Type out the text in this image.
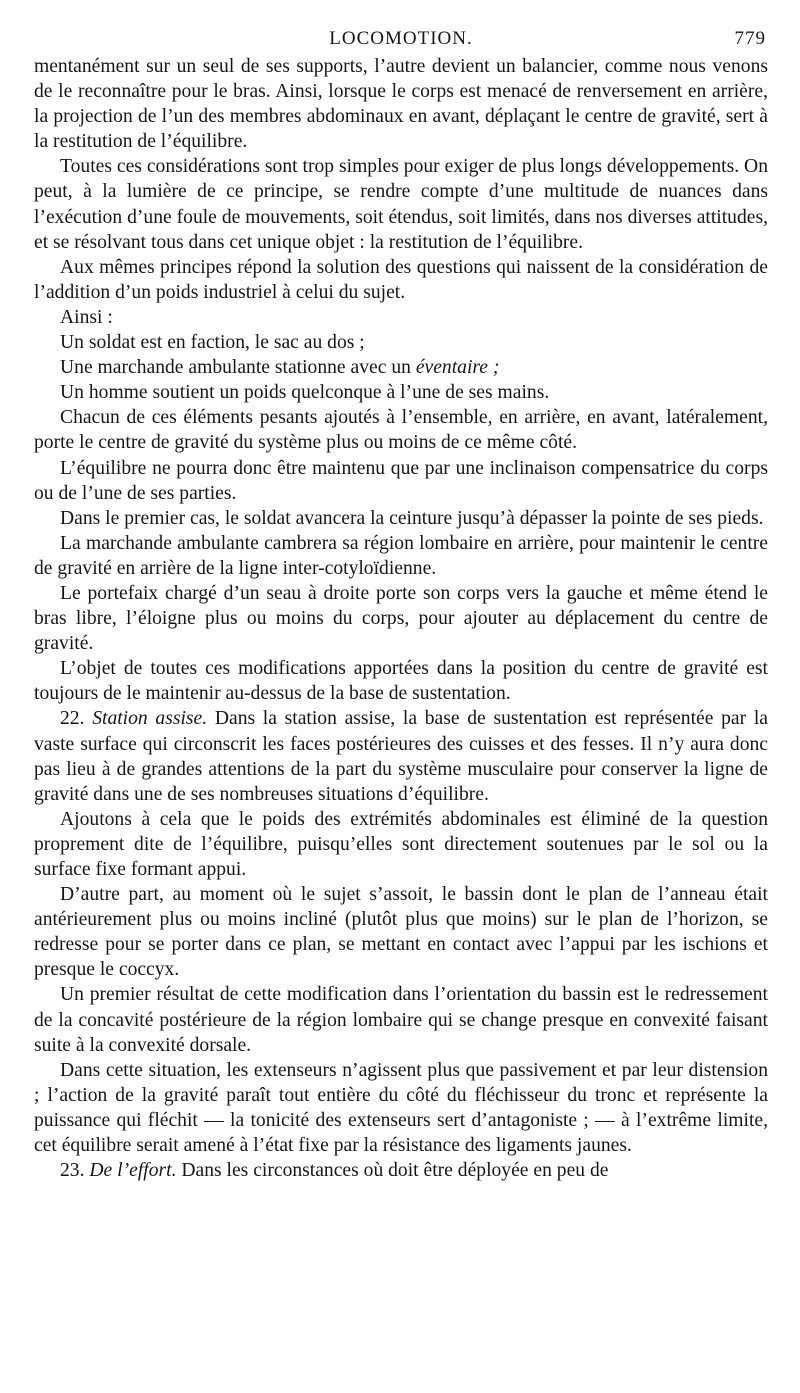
LOCOMOTION.	779

mentanément sur un seul de ses supports, l’autre devient un balancier, comme nous venons de le reconnaître pour le bras. Ainsi, lorsque le corps est menacé de renversement en arrière, la projection de l’un des membres abdominaux en avant, déplaçant le centre de gravité, sert à la restitution de l’équilibre.

Toutes ces considérations sont trop simples pour exiger de plus longs développements. On peut, à la lumière de ce principe, se rendre compte d’une multitude de nuances dans l’exécution d’une foule de mouvements, soit étendus, soit limités, dans nos diverses attitudes, et se résolvant tous dans cet unique objet : la restitution de l’équilibre.

Aux mêmes principes répond la solution des questions qui naissent de la considération de l’addition d’un poids industriel à celui du sujet.

Ainsi :

Un soldat est en faction, le sac au dos ;

Une marchande ambulante stationne avec un éventaire ;

Un homme soutient un poids quelconque à l’une de ses mains.

Chacun de ces éléments pesants ajoutés à l’ensemble, en arrière, en avant, latéralement, porte le centre de gravité du système plus ou moins de ce même côté.

L’équilibre ne pourra donc être maintenu que par une inclinaison compensatrice du corps ou de l’une de ses parties.

Dans le premier cas, le soldat avancera la ceinture jusqu’à dépasser la pointe de ses pieds.

La marchande ambulante cambrera sa région lombaire en arrière, pour maintenir le centre de gravité en arrière de la ligne inter-cotyloïdienne.

Le portefaix chargé d’un seau à droite porte son corps vers la gauche et même étend le bras libre, l’éloigne plus ou moins du corps, pour ajouter au déplacement du centre de gravité.

L’objet de toutes ces modifications apportées dans la position du centre de gravité est toujours de le maintenir au-dessus de la base de sustentation.

22. Station assise. Dans la station assise, la base de sustentation est représentée par la vaste surface qui circonscrit les faces postérieures des cuisses et des fesses. Il n’y aura donc pas lieu à de grandes attentions de la part du système musculaire pour conserver la ligne de gravité dans une de ses nombreuses situations d’équilibre.

Ajoutons à cela que le poids des extrémités abdominales est éliminé de la question proprement dite de l’équilibre, puisqu’elles sont directement soutenues par le sol ou la surface fixe formant appui.

D’autre part, au moment où le sujet s’assoit, le bassin dont le plan de l’anneau était antérieurement plus ou moins incliné (plutôt plus que moins) sur le plan de l’horizon, se redresse pour se porter dans ce plan, se mettant en contact avec l’appui par les ischions et presque le coccyx.

Un premier résultat de cette modification dans l’orientation du bassin est le redressement de la concavité postérieure de la région lombaire qui se change presque en convexité faisant suite à la convexité dorsale.

Dans cette situation, les extenseurs n’agissent plus que passivement et par leur distension ; l’action de la gravité paraît tout entière du côté du fléchisseur du tronc et représente la puissance qui fléchit — la tonicité des extenseurs sert d’antagoniste ; — à l’extrême limite, cet équilibre serait amené à l’état fixe par la résistance des ligaments jaunes.

23. De l’effort. Dans les circonstances où doit être déployée en peu de
